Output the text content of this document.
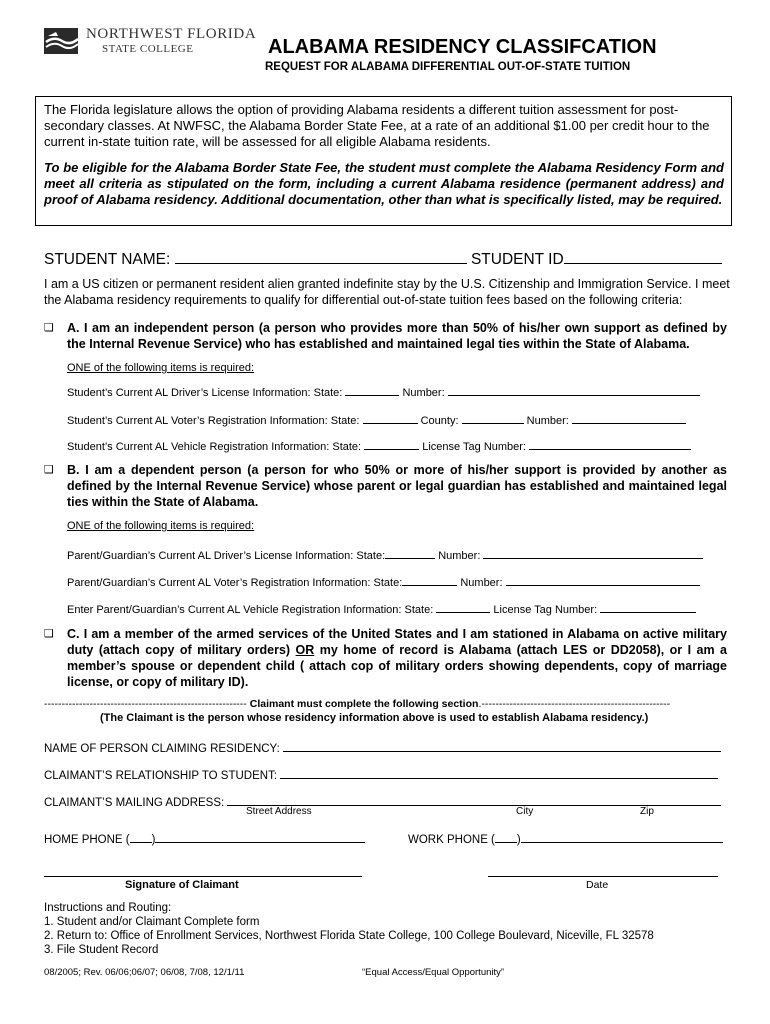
NORTHWEST FLORIDA
STATE COLLEGE	ALABAMA RESIDENCY CLASSIFCATION
REQUEST FOR ALABAMA DIFFERENTIAL OUT-OF-STATE TUITION
The Florida legislature allows the option of providing Alabama residents a different tuition assessment for post-secondary classes. At NWFSC, the Alabama Border State Fee, at a rate of an additional $1.00 per credit hour to the current in-state tuition rate, will be assessed for all eligible Alabama residents.
To be eligible for the Alabama Border State Fee, the student must complete the Alabama Residency Form and meet all criteria as stipulated on the form, including a current Alabama residence (permanent address) and proof of Alabama residency. Additional documentation, other than what is specifically listed, may be required.
STUDENT NAME:	STUDENT ID
I am a US citizen or permanent resident alien granted indefinite stay by the U.S. Citizenship and Immigration Service. I meet the Alabama residency requirements to qualify for differential out-of-state tuition fees based on the following criteria:
❑ A. I am an independent person (a person who provides more than 50% of his/her own support as defined by the Internal Revenue Service) who has established and maintained legal ties within the State of Alabama.
ONE of the following items is required:
Student’s Current AL Driver’s License Information: State:	Number:
Student’s Current AL Voter’s Registration Information: State:	County:	Number:
Student’s Current AL Vehicle Registration Information: State:	License Tag Number:
❑ B. I am a dependent person (a person for who 50% or more of his/her support is provided by another as defined by the Internal Revenue Service) whose parent or legal guardian has established and maintained legal ties within the State of Alabama.
ONE of the following items is required:
Parent/Guardian’s Current AL Driver’s License Information: State:	Number:
Parent/Guardian’s Current AL Voter’s Registration Information: State:	Number:
Enter Parent/Guardian’s Current AL Vehicle Registration Information: State:	License Tag Number:
❑ C. I am a member of the armed services of the United States and I am stationed in Alabama on active military duty (attach copy of military orders) OR my home of record is Alabama (attach LES or DD2058), or I am a member’s spouse or dependent child ( attach cop of military orders showing dependents, copy of marriage license, or copy of military ID).
---------------------------------------------------------- Claimant must complete the following section.------------------------------------------------------
(The Claimant is the person whose residency information above is used to establish Alabama residency.)
NAME OF PERSON CLAIMING RESIDENCY:
CLAIMANT’S RELATIONSHIP TO STUDENT:
CLAIMANT’S MAILING ADDRESS:
Street Address	City	Zip
HOME PHONE ( )	WORK PHONE ( )
Signature of Claimant	Date
Instructions and Routing:
1. Student and/or Claimant Complete form
2. Return to: Office of Enrollment Services, Northwest Florida State College, 100 College Boulevard, Niceville, FL 32578
3. File Student Record
08/2005; Rev. 06/06;06/07; 06/08, 7/08, 12/1/11	“Equal Access/Equal Opportunity”
